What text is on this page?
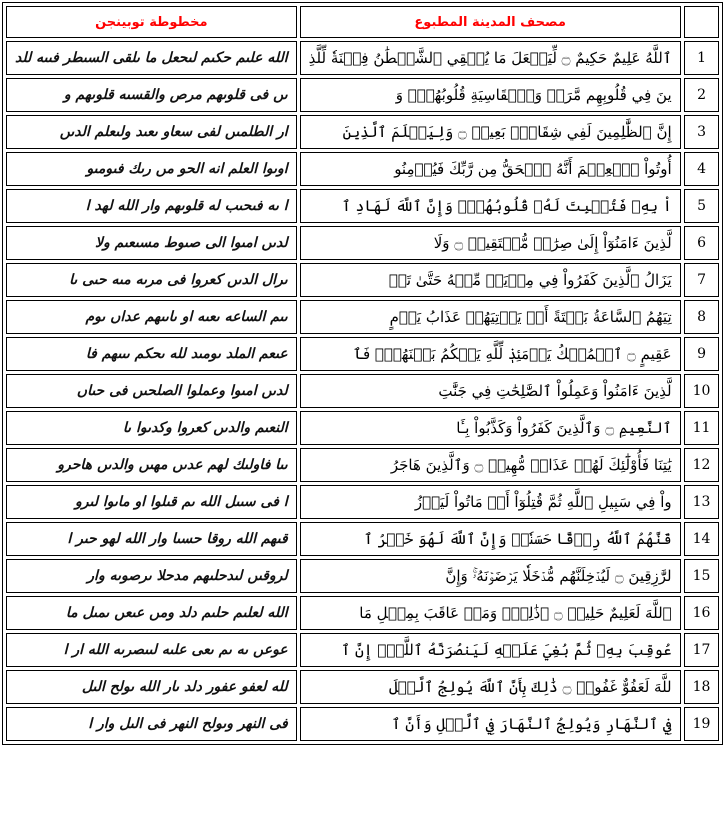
مخطوطة توبينجن	مصحف المدينة المطبوع	
الله علىم حكىم لىحعل ما ىلقى السىطر فىىه للد	ٱللَّهُ عَلِيمٌ حَكِيمٌ ۝ لِّيَجۡعَلَ مَا يُلۡقِي ٱلشَّيۡطَٰنُ فِتۡنَةٗ لِّلَّذِ	1
ىں فى قلوىهم مرص والقسىه قلوىهم و	ينَ فِي قُلُوبِهِم مَّرَضٞ وَٱلۡقَاسِيَةِ قُلُوبُهُمۡۗ وَ	2
ار الطلمىں لفى سعاو ىعىد ولىعلم الدىں	إِنَّ ٱلظَّٰلِمِينَ لَفِي شِقَاقِۭ بَعِيدٖ ۝ وَلِيَعۡلَمَ ٱلَّذِينَ	3
اوىوا العلم انه الحو مں رىك فىومىو	أُوتُواْ ٱلۡعِلۡمَ أَنَّهُ ٱلۡحَقُّ مِن رَّبِّكَ فَيُؤۡمِنُو	4
ا ىه فىحىب له قلوىهم وار الله لهد ا	اْ بِهِۦ فَتُخۡبِتَ لَهُۥ قُلُوبُهُمۡۗ وَإِنَّ ٱللَّهَ لَهَادِ ٱ	5
لدىں امىوا الى صىوط مسىعىم ولا	لَّذِينَ ءَامَنُوٓاْ إِلَىٰ صِرَٰطٖ مُّسۡتَقِيمٖ ۝ وَلَا	6
ىرال الدىں كعروا فى مرىه مىه حىى ىا	يَزَالُ ٱلَّذِينَ كَفَرُواْ فِي مِرۡيَةٖ مِّنۡهُ حَتَّىٰ تَأۡ	7
ىىم الساعه ىعىه او ىاىىهم عداں ىوم	تِيَهُمُ ٱلسَّاعَةُ بَغۡتَةً أَوۡ يَأۡتِيَهُمۡ عَذَابُ يَوۡمٍ	8
عىعم الملد ىومىد لله ىحكم ىىىهم فا	عَقِيمٍ ۝ ٱلۡمُلۡكُ يَوۡمَئِذٖ لِّلَّهِ يَحۡكُمُ بَيۡنَهُمۡۚ فَٱ	9
لدىں امىوا وعملوا الصلحىں فى حىاں	لَّذِينَ ءَامَنُواْ وَعَمِلُواْ ٱلصَّٰلِحَٰتِ فِي جَنَّٰتِ	10
النعىم والدىں كعروا وكدىوا ىا	ٱلنَّعِيمِ ۝ وَٱلَّذِينَ كَفَرُواْ وَكَذَّبُواْ بِـَٔا	11
ىىا فاولىك لهم عدىں مهىں والدىں هاحرو	يَٰتِنَا فَأُوْلَٰٓئِكَ لَهُمۡ عَذَابٞ مُّهِينٞ ۝ وَٱلَّذِينَ هَاجَرُ	12
ا فى سىىل الله ىم قىلوا او ماىوا لىرو	واْ فِي سَبِيلِ ٱللَّهِ ثُمَّ قُتِلُوٓاْ أَوۡ مَاتُواْ لَيَرۡزُ	13
قىهم الله روقا حسىا وار الله لهو حىر ا	قَنَّهُمُ ٱللَّهُ رِزۡقًا حَسَنٗاۚ وَإِنَّ ٱللَّهَ لَهُوَ خَيۡرُ ٱ	14
لروقىں لىدحلىهم مدحلا ىرصوىه وار	لرَّٰزِقِينَ ۝ لَيُدۡخِلَنَّهُم مُّدۡخَلٗا يَرۡضَوۡنَهُۥۚ وَإِنَّ	15
الله لعلىم حلىم دلد ومں عىعں ىمىل ما	ٱللَّهَ لَعَلِيمٌ حَلِيمٞ ۝ ۞ذَٰلِكَۖ وَمَنۡ عَاقَبَ بِمِثۡلِ مَا	16
عوعں ىه ىم ىعى علىه لىىصرىه الله ار ا	عُوقِبَ بِهِۦ ثُمَّ بُغِيَ عَلَيۡهِ لَيَنصُرَنَّهُ ٱللَّهُۚ إِنَّ ٱ	17
لله لعفو عفور دلد ىار الله ىولح الىل	للَّهَ لَعَفُوٌّ غَفُورٞ ۝ ذَٰلِكَ بِأَنَّ ٱللَّهَ يُولِجُ ٱلَّيۡلَ	18
فى النهر وىولح النهر فى الىل وار ا	فِي ٱلنَّهَارِ وَيُولِجُ ٱلنَّهَارَ فِي ٱلَّيۡلِ وَأَنَّ ٱ	19
